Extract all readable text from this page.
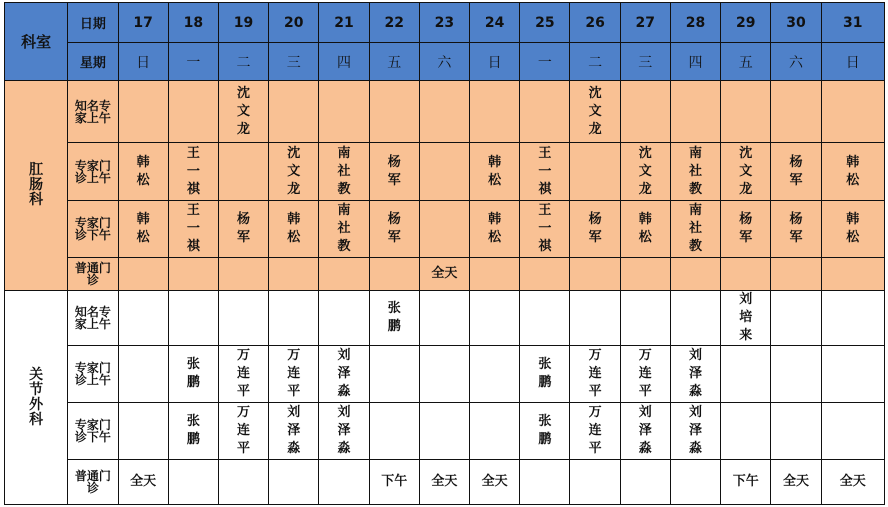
科室	日期	17	18	19	20	21	22	23	24	25	26	27	28	29	30	31
	星期	日	一	二	三	四	五	六	日	一	二	三	四	五	六	日
肛肠科	知名专家上午			沈文龙							沈文龙					
	专家门诊上午	韩松	王一祺		沈文龙	南社教	杨军		韩松	王一祺		沈文龙	南社教	沈文龙	杨军	韩松
	专家门诊下午	韩松	王一祺	杨军	韩松	南社教	杨军		韩松	王一祺	杨军	韩松	南社教	杨军	杨军	韩松
	普通门诊							全天								
关节外科	知名专家上午						张鹏							刘培来		
	专家门诊上午		张鹏	万连平	万连平	刘泽淼				张鹏	万连平	万连平	刘泽淼			
	专家门诊下午		张鹏	万连平	刘泽淼	刘泽淼				张鹏	万连平	刘泽淼	刘泽淼			
	普通门诊	全天					下午	全天	全天					下午	全天	全天
